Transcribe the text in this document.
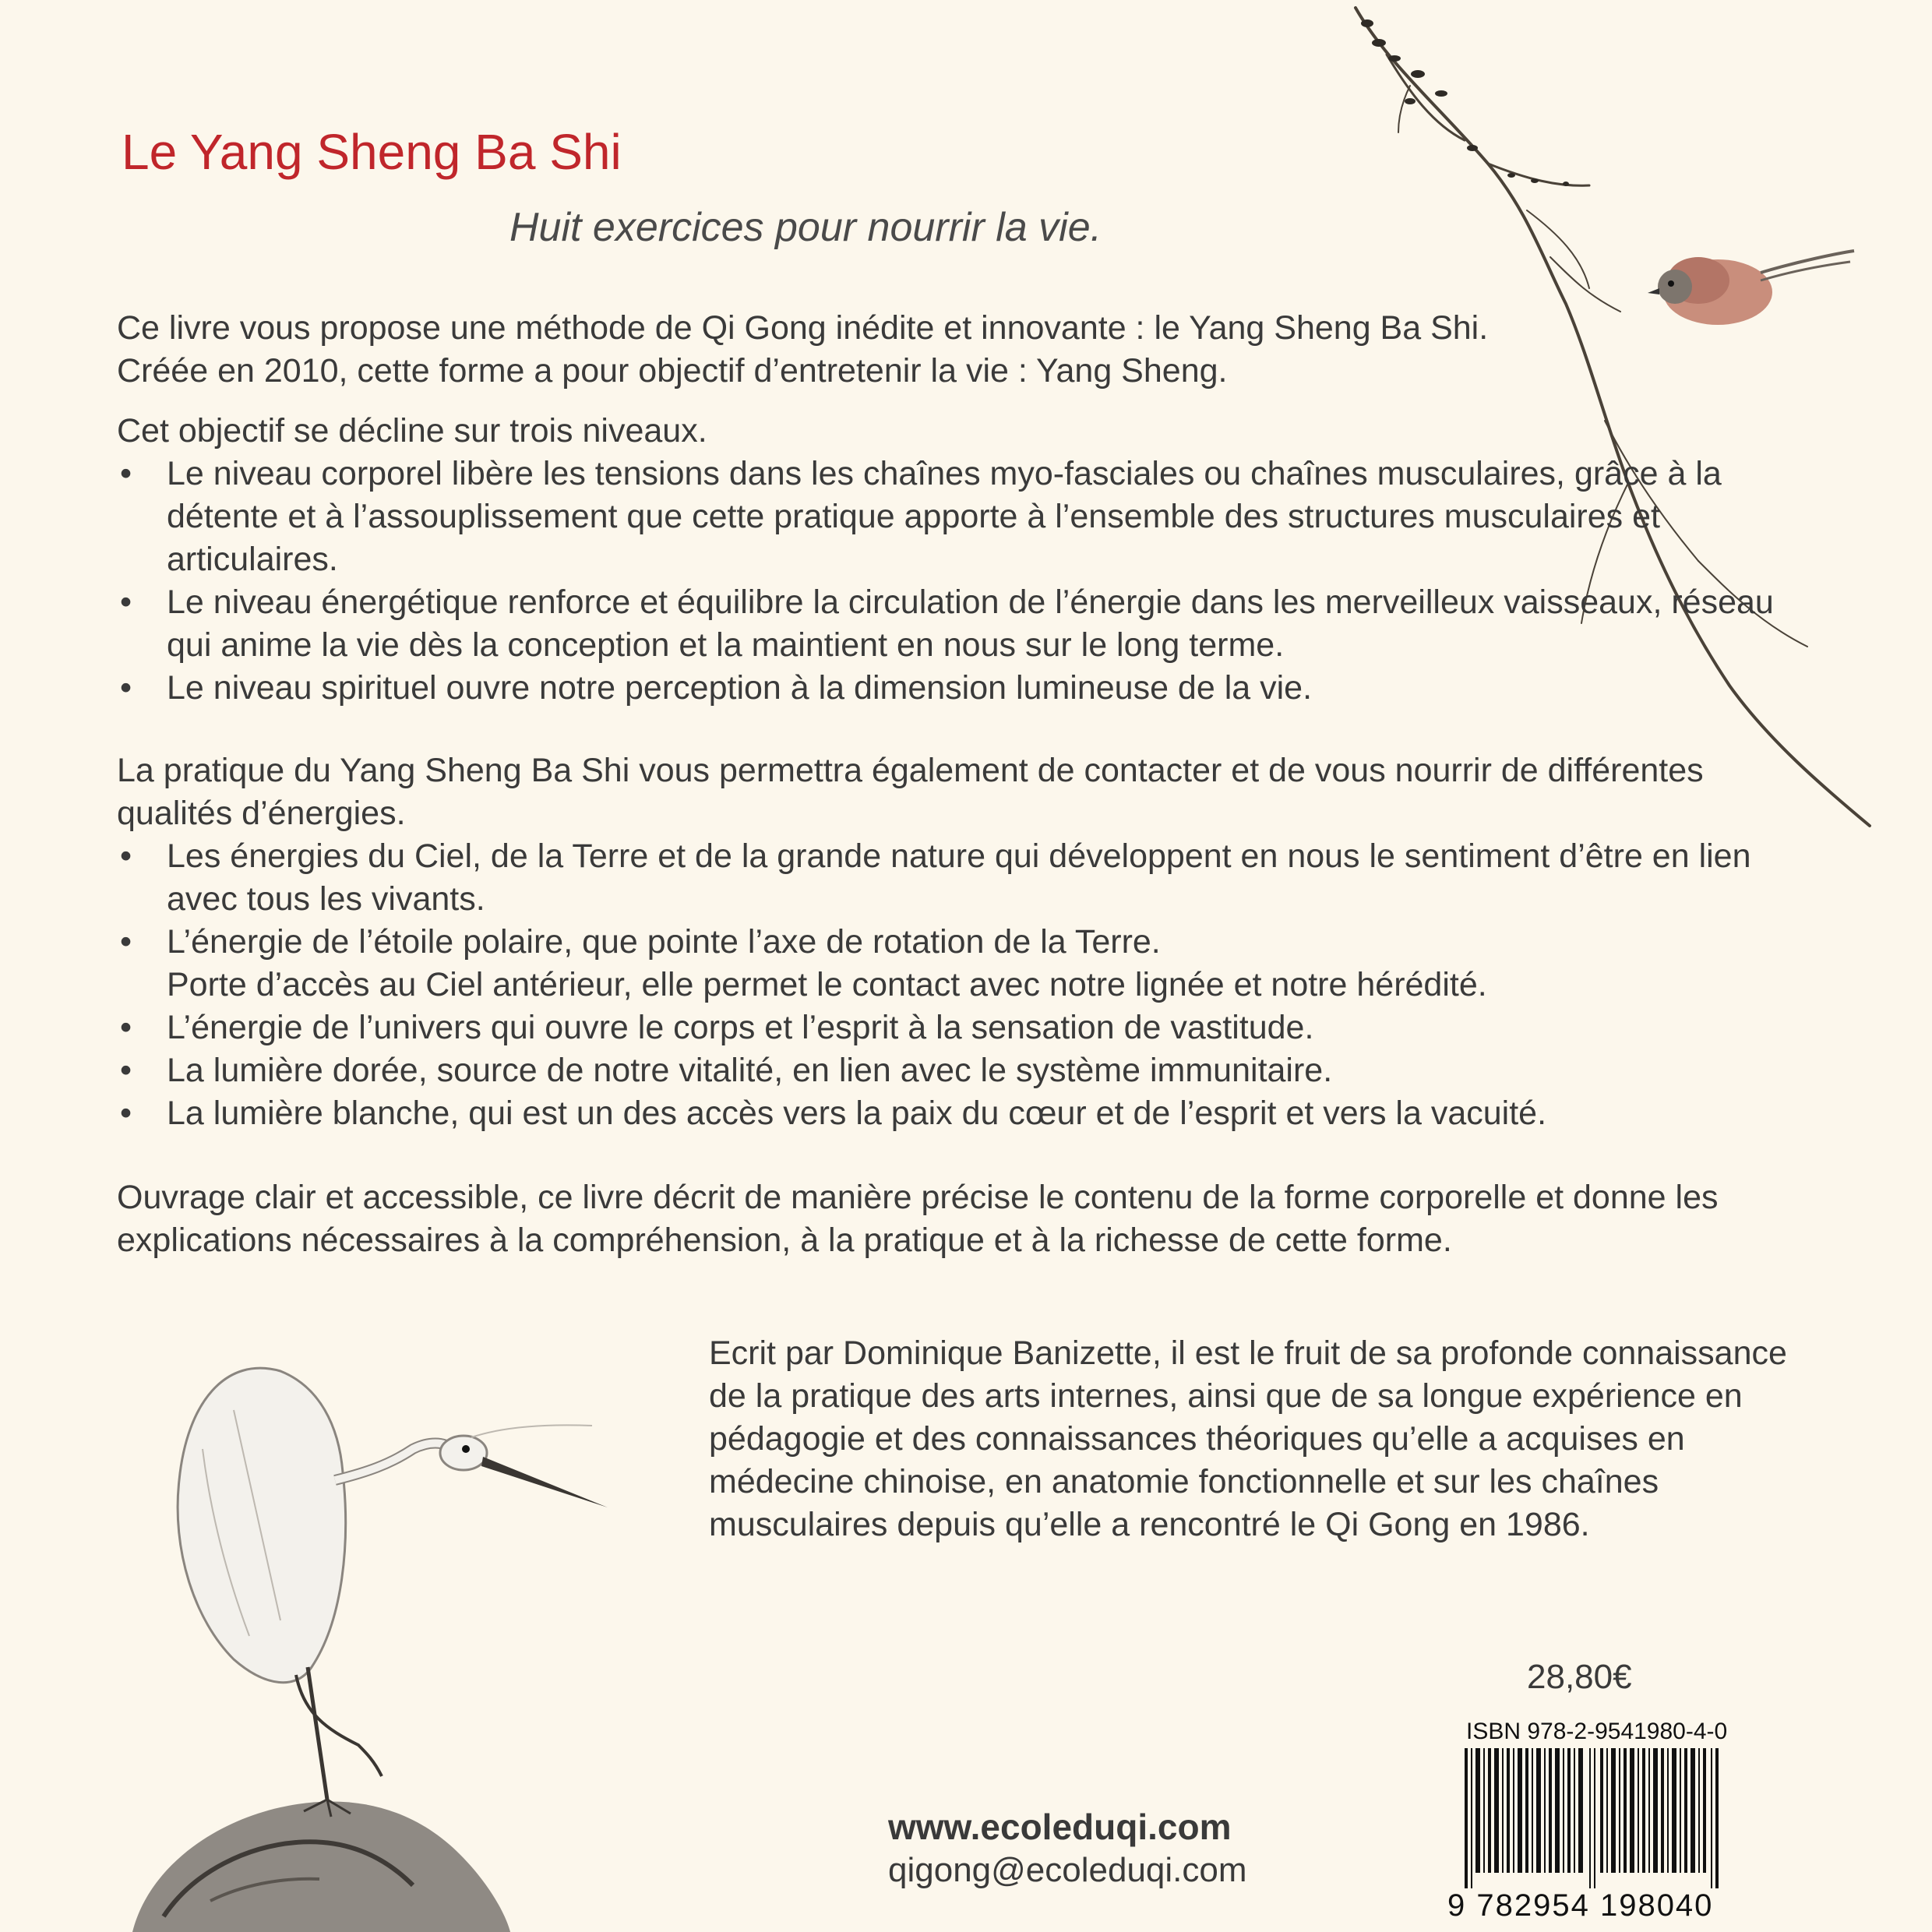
Le Yang Sheng Ba Shi
Huit exercices pour nourrir la vie.

Ce livre vous propose une méthode de Qi Gong inédite et innovante : le Yang Sheng Ba Shi.

Créée en 2010, cette forme a pour objectif d’entretenir la vie : Yang Sheng.

Cet objectif se décline sur trois niveaux.

• Le niveau corporel libère les tensions dans les chaînes myo-fasciales ou chaînes musculaires, grâce à la détente et à l’assouplissement que cette pratique apporte à l’ensemble des structures musculaires et articulaires.
• Le niveau énergétique renforce et équilibre la circulation de l’énergie dans les merveilleux vaisseaux, réseau qui anime la vie dès la conception et la maintient en nous sur le long terme.
• Le niveau spirituel ouvre notre perception à la dimension lumineuse de la vie.

La pratique du Yang Sheng Ba Shi vous permettra également de contacter et de vous nourrir de différentes qualités d’énergies.

• Les énergies du Ciel, de la Terre et de la grande nature qui développent en nous le sentiment d’être en lien avec tous les vivants.
• L’énergie de l’étoile polaire, que pointe l’axe de rotation de la Terre.
Porte d’accès au Ciel antérieur, elle permet le contact avec notre lignée et notre hérédité.
• L’énergie de l’univers qui ouvre le corps et l’esprit à la sensation de vastitude.
• La lumière dorée, source de notre vitalité, en lien avec le système immunitaire.
• La lumière blanche, qui est un des accès vers la paix du cœur et de l’esprit et vers la vacuité.

Ouvrage clair et accessible, ce livre décrit de manière précise le contenu de la forme corporelle et donne les explications nécessaires à la compréhension, à la pratique et à la richesse de cette forme.

Ecrit par Dominique Banizette, il est le fruit de sa profonde connaissance de la pratique des arts internes, ainsi que de sa longue expérience en pédagogie et des connaissances théoriques qu’elle a acquises en médecine chinoise, en anatomie fonctionnelle et sur les chaînes musculaires depuis qu’elle a rencontré le Qi Gong en 1986.

28,80€
ISBN 978-2-9541980-4-0
9 782954 198040
www.ecoleduqi.com
qigong@ecoleduqi.com
